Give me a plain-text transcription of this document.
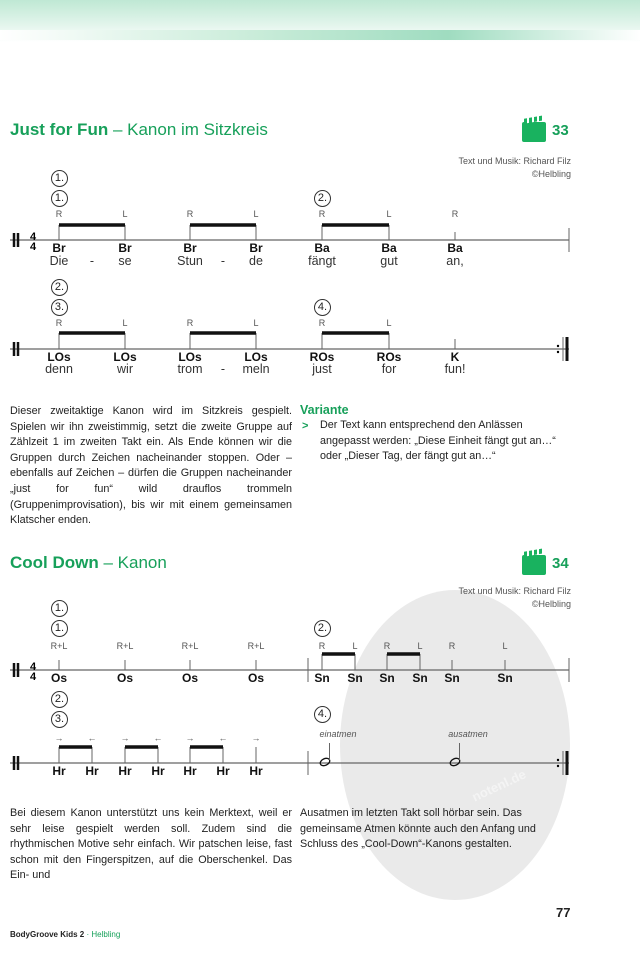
notenl.de
Just for Fun – Kanon im Sitzkreis	33
Text und Musik: Richard Filz
©Helbling
Cool Down – Kanon	34
Text und Musik: Richard Filz
©Helbling
4
4
4
4
R
Br
L
Br
R
Br
L
Br
R
Ba
L
Ba
R
Ba
Die - se	Stun - de	fängt	gut	an,
1.
1.	2.
R
LOs
L
LOs
R
LOs
L
LOs
R
ROs
L
ROs	K
denn	wir	trom - meln	just	for	fun!
2.
3.	4.
R+L
Os
R+L
Os
R+L
Os
R+L
Os
R
Sn
L
Sn
R
Sn
L
Sn
R
Sn
L
Sn
1.
1.	2.
→
Hr
←
Hr
→
Hr
←
Hr
→
Hr
←
Hr
→
Hr
2.
3.	4.
einatmen	ausatmen
Dieser zweitaktige Kanon wird im Sitzkreis gespielt. Spielen wir ihn zweistimmig, setzt die zweite Gruppe auf Zählzeit 1 im zweiten Takt ein. Als Ende können wir die Gruppen durch Zeichen nacheinander stoppen. Oder – ebenfalls auf Zeichen – dürfen die Gruppen nacheinander „just for fun“ wild drauflos trommeln (Gruppenimprovisation), bis wir mit einem gemeinsamen Klatscher enden.
Variante
> Der Text kann entsprechend den Anlässen angepasst werden: „Diese Einheit fängt gut an…“ oder „Dieser Tag, der fängt gut an…“
Bei diesem Kanon unterstützt uns kein Merktext, weil er sehr leise gespielt werden soll. Zudem sind die rhythmischen Motive sehr einfach. Wir patschen leise, fast schon mit den Fingerspitzen, auf die Oberschenkel. Das Ein- und
Ausatmen im letzten Takt soll hörbar sein. Das gemeinsame Atmen könnte auch den Anfang und Schluss des „Cool-Down“-Kanons gestalten.
77
BodyGroove Kids 2 · Helbling
